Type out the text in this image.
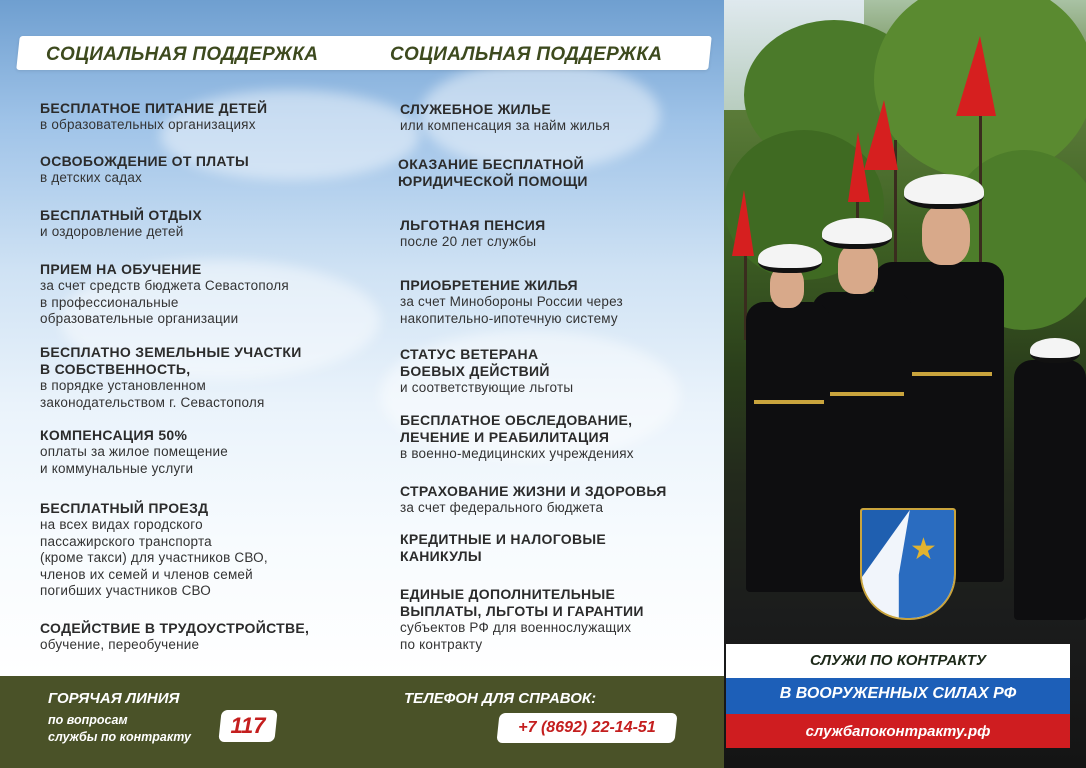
СОЦИАЛЬНАЯ ПОДДЕРЖКА	СОЦИАЛЬНАЯ ПОДДЕРЖКА
БЕСПЛАТНОЕ ПИТАНИЕ ДЕТЕЙ
в образовательных организациях
ОСВОБОЖДЕНИЕ ОТ ПЛАТЫ
в детских садах
БЕСПЛАТНЫЙ ОТДЫХ
и оздоровление детей
ПРИЕМ НА ОБУЧЕНИЕ
за счет средств бюджета Севастополя
в профессиональные
образовательные организации
БЕСПЛАТНО ЗЕМЕЛЬНЫЕ УЧАСТКИ
В СОБСТВЕННОСТЬ,
в порядке установленном
законодательством г. Севастополя
КОМПЕНСАЦИЯ 50%
оплаты за жилое помещение
и коммунальные услуги
БЕСПЛАТНЫЙ ПРОЕЗД
на всех видах городского
пассажирского транспорта
(кроме такси) для участников СВО,
членов их семей и членов семей
погибших участников СВО
СОДЕЙСТВИЕ В ТРУДОУСТРОЙСТВЕ,
обучение, переобучение
СЛУЖЕБНОЕ ЖИЛЬЕ
или компенсация за найм жилья
ОКАЗАНИЕ БЕСПЛАТНОЙ
ЮРИДИЧЕСКОЙ ПОМОЩИ
ЛЬГОТНАЯ ПЕНСИЯ
после 20 лет службы
ПРИОБРЕТЕНИЕ ЖИЛЬЯ
за счет Минобороны России через
накопительно-ипотечную систему
СТАТУС ВЕТЕРАНА
БОЕВЫХ ДЕЙСТВИЙ
и соответствующие льготы
БЕСПЛАТНОЕ ОБСЛЕДОВАНИЕ,
ЛЕЧЕНИЕ И РЕАБИЛИТАЦИЯ
в военно-медицинских учреждениях
СТРАХОВАНИЕ ЖИЗНИ И ЗДОРОВЬЯ
за счет федерального бюджета
КРЕДИТНЫЕ И НАЛОГОВЫЕ
КАНИКУЛЫ
ЕДИНЫЕ ДОПОЛНИТЕЛЬНЫЕ
ВЫПЛАТЫ, ЛЬГОТЫ И ГАРАНТИИ
субъектов РФ для военнослужащих
по контракту
ГОРЯЧАЯ ЛИНИЯ
по вопросам
службы по контракту	117
ТЕЛЕФОН ДЛЯ СПРАВОК:
+7 (8692) 22-14-51
★
СЛУЖИ ПО КОНТРАКТУ
В ВООРУЖЕННЫХ СИЛАХ РФ
службапоконтракту.рф
